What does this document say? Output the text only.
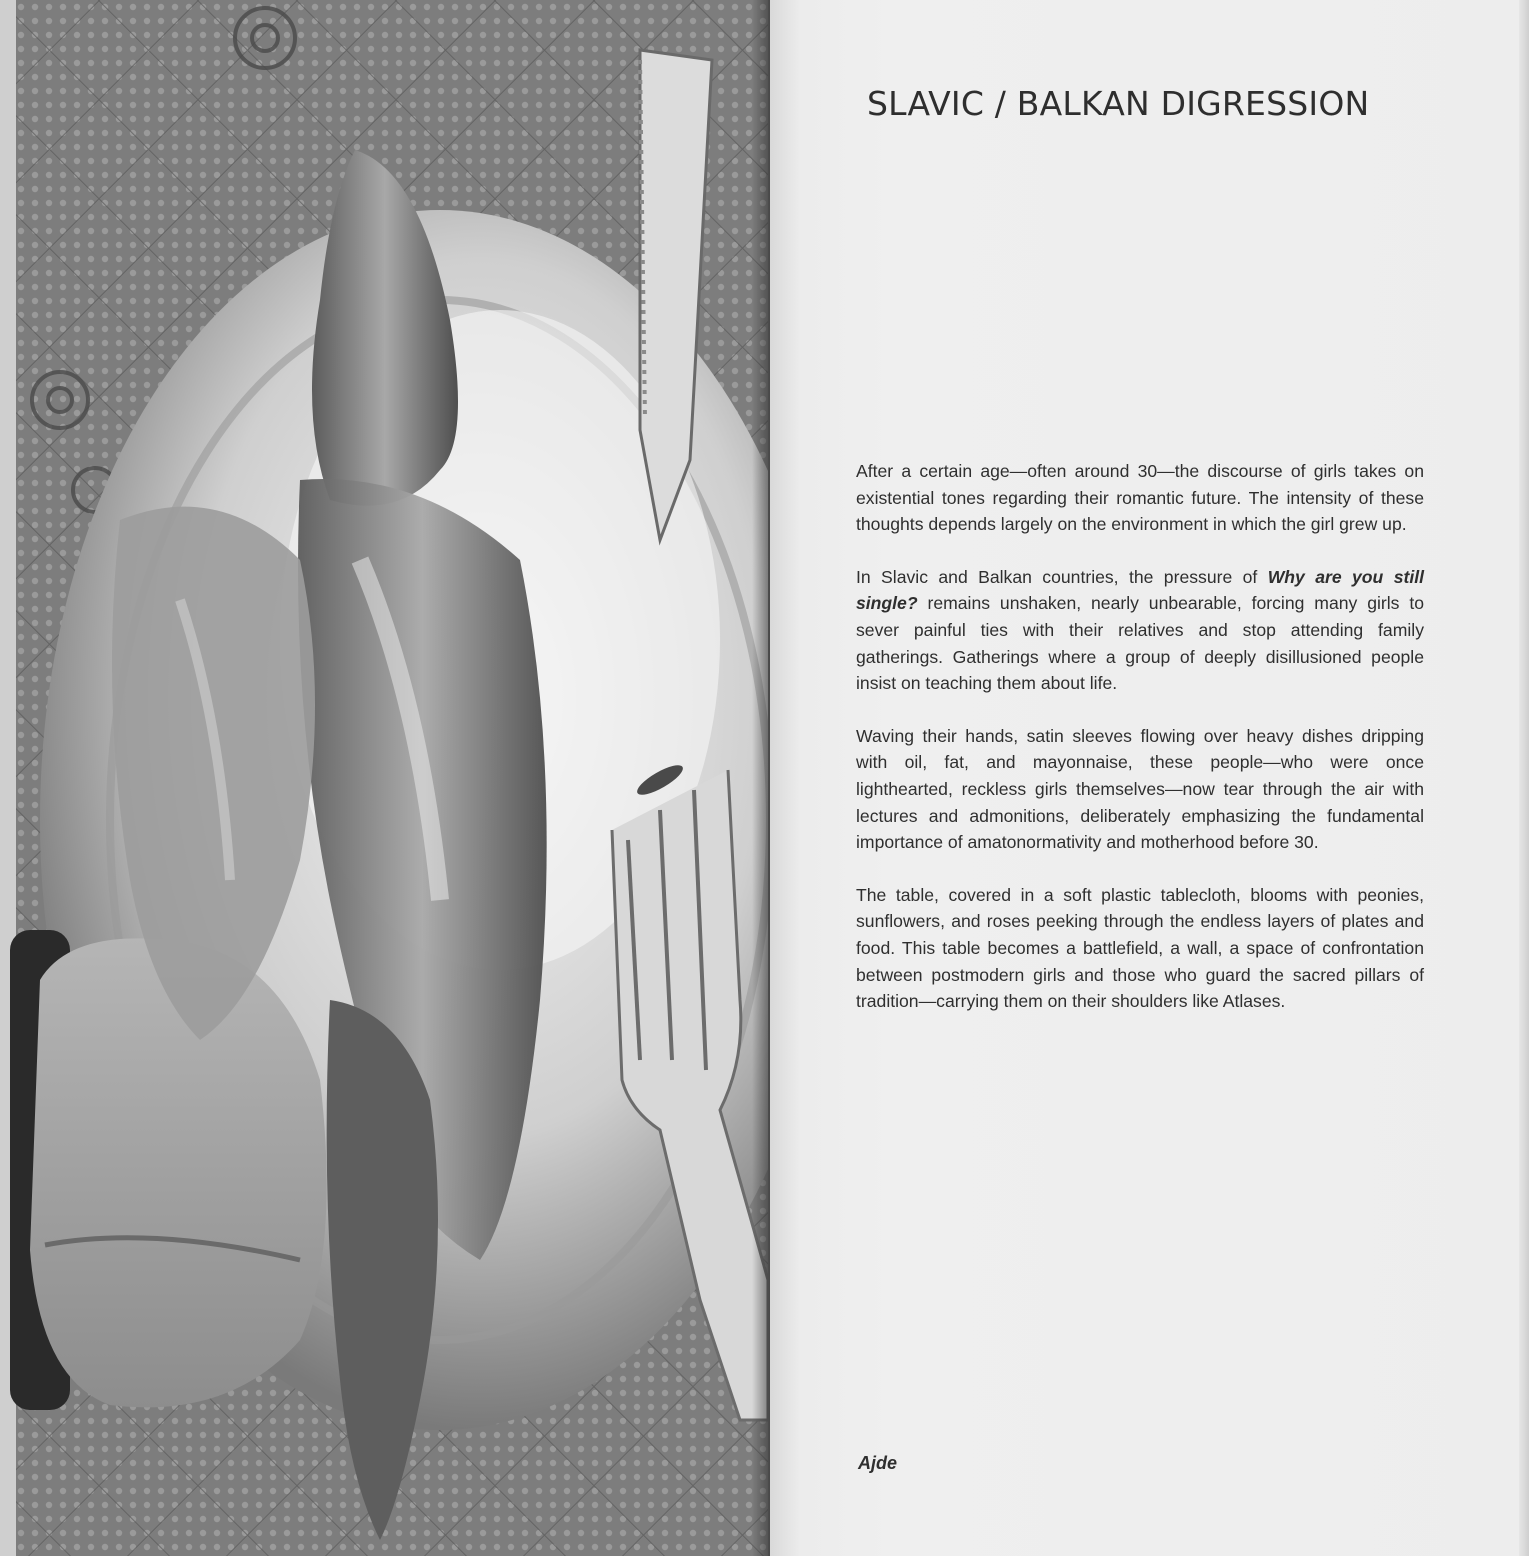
SLAVIC / BALKAN DIGRESSION

After a certain age—often around 30—the discourse of girls takes on existential tones regarding their romantic future. The intensity of these thoughts depends largely on the environment in which the girl grew up.

In Slavic and Balkan countries, the pressure of Why are you still single? remains unshaken, nearly unbearable, forcing many girls to sever painful ties with their relatives and stop attending family gatherings. Gatherings where a group of deeply disillusioned people insist on teaching them about life.

Waving their hands, satin sleeves flowing over heavy dishes dripping with oil, fat, and mayonnaise, these people—who were once lighthearted, reckless girls themselves—now tear through the air with lectures and admonitions, deliberately emphasizing the fundamental importance of amatonormativity and motherhood before 30.

The table, covered in a soft plastic tablecloth, blooms with peonies, sunflowers, and roses peeking through the endless layers of plates and food. This table becomes a battlefield, a wall, a space of confrontation between postmodern girls and those who guard the sacred pillars of tradition—carrying them on their shoulders like Atlases.

Ajde
